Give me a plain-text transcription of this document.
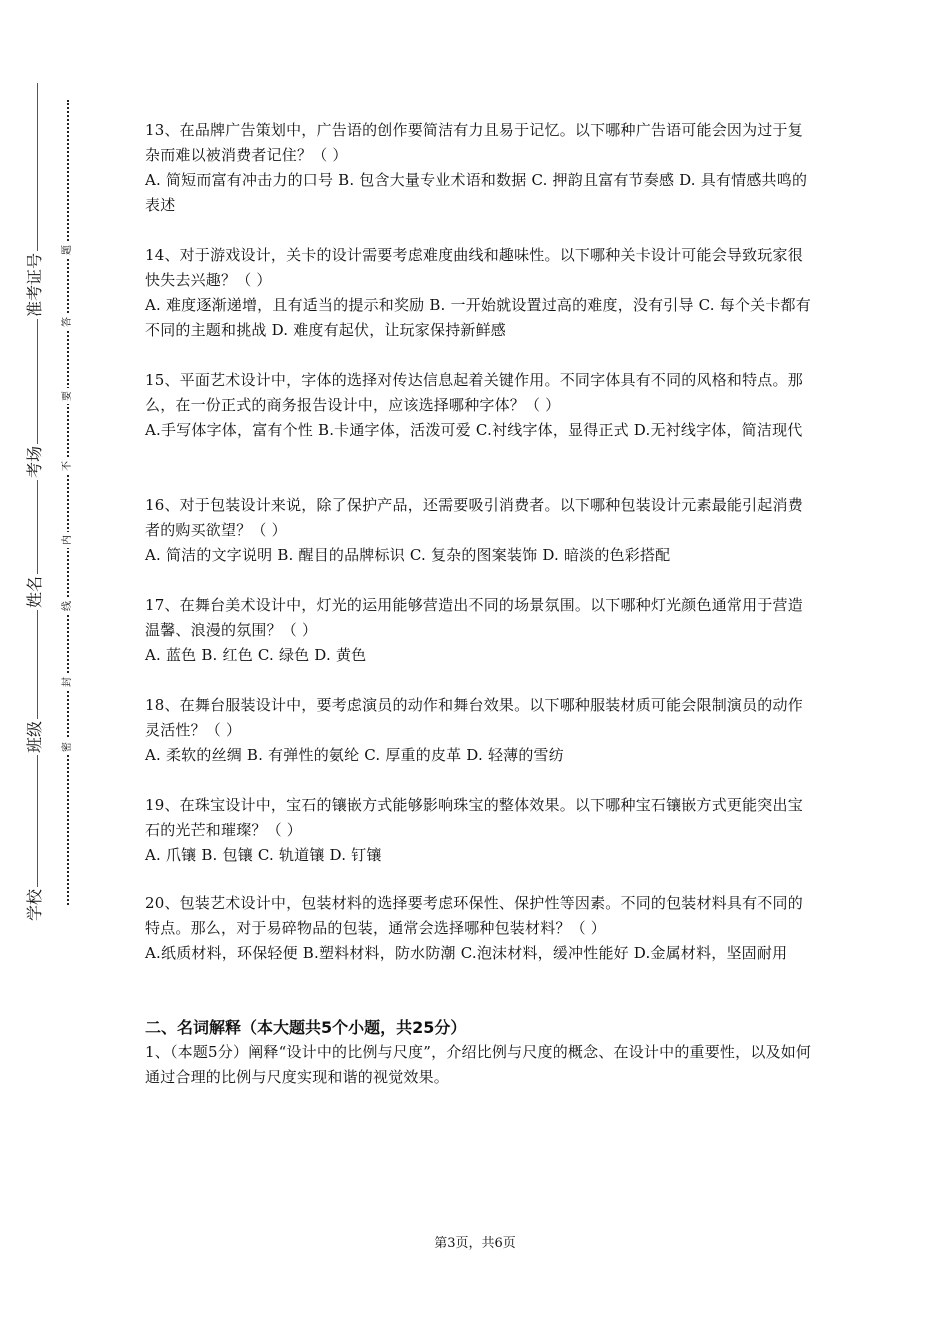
准考证号
考场
姓名
班级
学校
题
答
要
不
内
线
封
密
13、在品牌广告策划中，广告语的创作要简洁有力且易于记忆。以下哪种广告语可能会因为过于复杂而难以被消费者记住？（ ）
A. 简短而富有冲击力的口号 B. 包含大量专业术语和数据 C. 押韵且富有节奏感 D. 具有情感共鸣的表述
14、对于游戏设计，关卡的设计需要考虑难度曲线和趣味性。以下哪种关卡设计可能会导致玩家很快失去兴趣？（ ）
A. 难度逐渐递增，且有适当的提示和奖励 B. 一开始就设置过高的难度，没有引导 C. 每个关卡都有不同的主题和挑战 D. 难度有起伏，让玩家保持新鲜感
15、平面艺术设计中，字体的选择对传达信息起着关键作用。不同字体具有不同的风格和特点。那么，在一份正式的商务报告设计中，应该选择哪种字体？（ ）
A.手写体字体，富有个性 B.卡通字体，活泼可爱 C.衬线字体，显得正式 D.无衬线字体，简洁现代
16、对于包装设计来说，除了保护产品，还需要吸引消费者。以下哪种包装设计元素最能引起消费者的购买欲望？（ ）
A. 简洁的文字说明 B. 醒目的品牌标识 C. 复杂的图案装饰 D. 暗淡的色彩搭配
17、在舞台美术设计中，灯光的运用能够营造出不同的场景氛围。以下哪种灯光颜色通常用于营造温馨、浪漫的氛围？（ ）
A. 蓝色 B. 红色 C. 绿色 D. 黄色
18、在舞台服装设计中，要考虑演员的动作和舞台效果。以下哪种服装材质可能会限制演员的动作灵活性？（ ）
A. 柔软的丝绸 B. 有弹性的氨纶 C. 厚重的皮革 D. 轻薄的雪纺
19、在珠宝设计中，宝石的镶嵌方式能够影响珠宝的整体效果。以下哪种宝石镶嵌方式更能突出宝石的光芒和璀璨？（ ）
A. 爪镶 B. 包镶 C. 轨道镶 D. 钉镶
20、包装艺术设计中，包装材料的选择要考虑环保性、保护性等因素。不同的包装材料具有不同的特点。那么，对于易碎物品的包装，通常会选择哪种包装材料？（ ）
A.纸质材料，环保轻便 B.塑料材料，防水防潮 C.泡沫材料，缓冲性能好 D.金属材料，坚固耐用
二、名词解释（本大题共5个小题，共25分）
1、（本题5分）阐释“设计中的比例与尺度”，介绍比例与尺度的概念、在设计中的重要性，以及如何通过合理的比例与尺度实现和谐的视觉效果。
第3页，共6页
